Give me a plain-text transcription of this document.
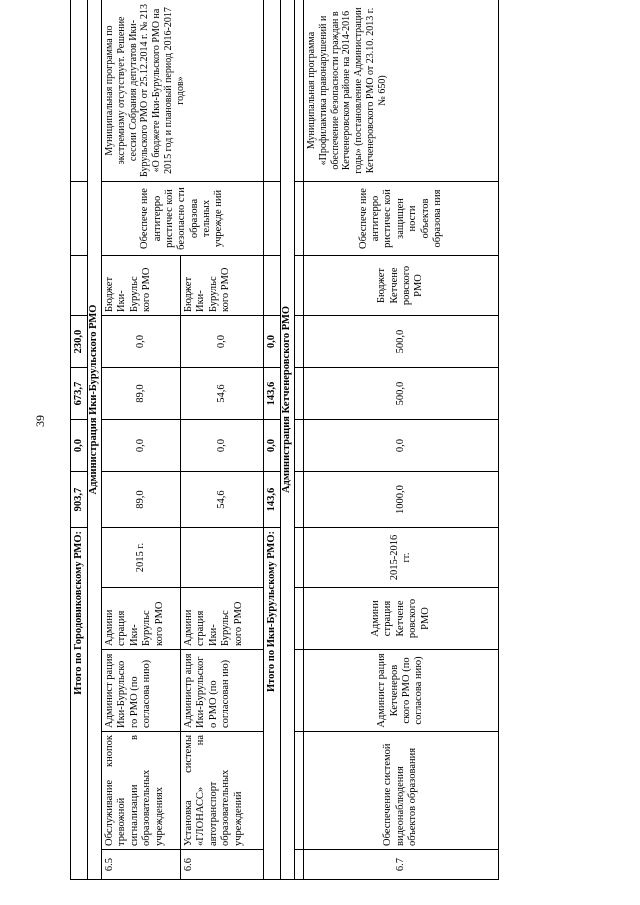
39
Итого по Городовиковскому РМО:					903,7	0,0	673,7	230,0				
Администрация Ики-Бурульского РМО												
6.5	Обслуживание кнопок тревожной сигнализации в образовательных учреждениях	Админист рация Ики-Бурульско го РМО (по согласова нию)	Админи страция Ики-Бурульс кого РМО	2015 г.	89,0	0,0	89,0	0,0	Бюджет Ики-Бурульс кого РМО	Обеспече ние антитерро ристичес кой безопасно сти образова тельных учрежде ний	Муниципальная программа по экстремизму отсутствует. Решение сессии Собрания депутатов Ики-Бурульского РМО от 25.12.2014 г. № 213 «О бюджете Ики-Бурульского РМО на 2015 год и плановый период 2016-2017 годов»	
6.6	Установка системы «ГЛОНАСС» на автотранспорт образовательных учреждений	Администр ация Ики-Бурульског о РМО (по согласован ию)	Админи страция Ики-Бурульс кого РМО		54,6	0,0	54,6	0,0	Бюджет Ики-Бурульс кого РМО			
Итого по Ики-Бурульскому РМО:					143,6	0,0	143,6	0,0				
Администрация Кетченеровского РМО												

6.7	Обеспечение системой видеонаблюдения объектов образования	Админист рация Кетченеров ского РМО (по согласова нию)	Админи страция Кетчене ровского РМО	2015-2016 гг.	1000,0	0,0	500,0	500,0	Бюджет Кетчене ровского РМО	Обеспече ние антитерро ристичес кой защищен ности объектов образова ния	Муниципальная программа «Профилактика правонарушений и обеспечение безопасности граждан в Кетченеровском районе на 2014-2016 годы» (постановление Администрации Кетченеровского РМО от 23.10. 2013 г. № 650)	
